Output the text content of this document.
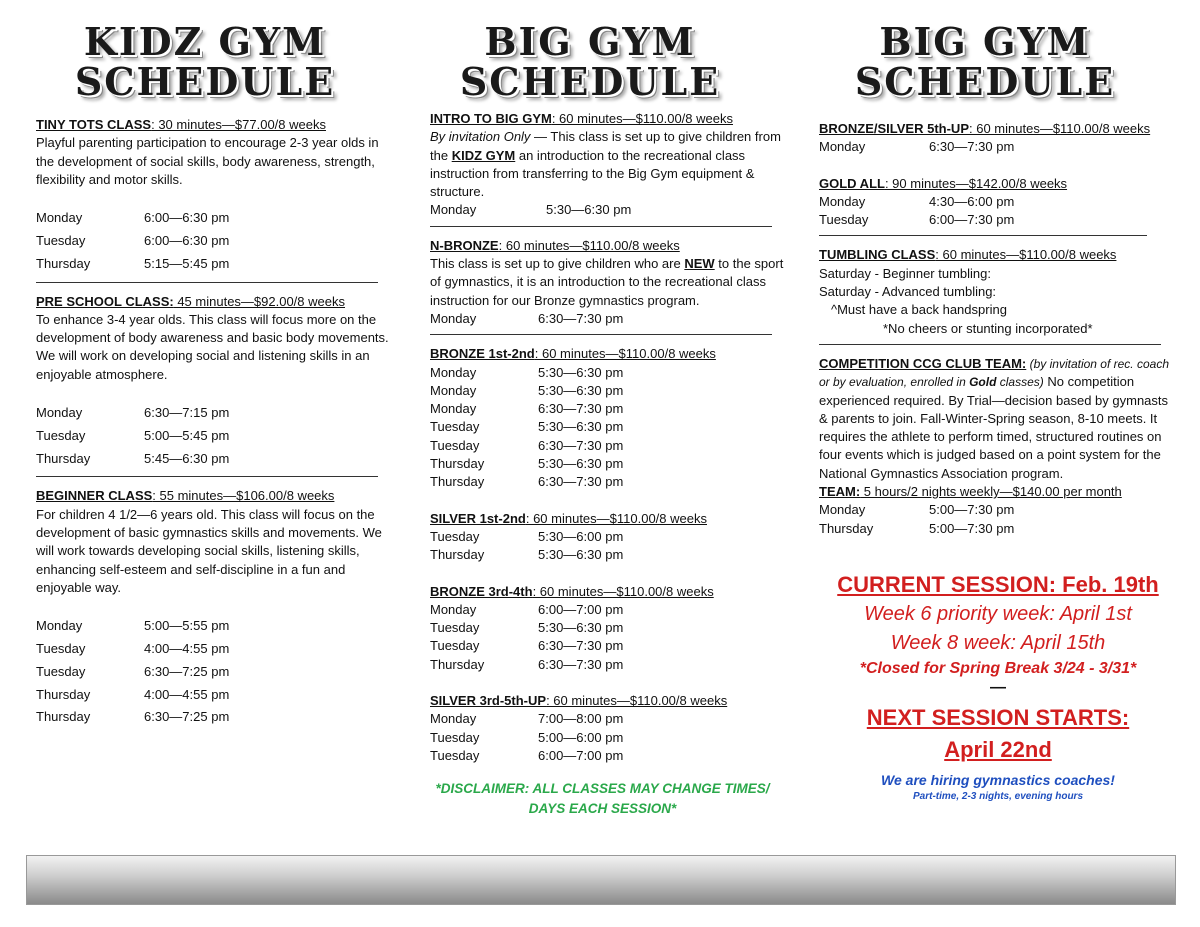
KIDZ GYM
SCHEDULE
BIG GYM
SCHEDULE
BIG GYM
SCHEDULE
TINY TOTS CLASS: 30 minutes—$77.00/8 weeks

Playful parenting participation to encourage 2-3 year olds in the development of social skills, body awareness, strength, flexibility and motor skills.

Monday	6:00—6:30 pm
Tuesday	6:00—6:30 pm
Thursday	5:15—5:45 pm
PRE SCHOOL CLASS: 45 minutes—$92.00/8 weeks

To enhance 3-4 year olds. This class will focus more on the development of body awareness and basic body movements. We will work on developing social and listening skills in an enjoyable atmosphere.

Monday	6:30—7:15 pm
Tuesday	5:00—5:45 pm
Thursday	5:45—6:30 pm
BEGINNER CLASS: 55 minutes—$106.00/8 weeks

For children 4 1/2—6 years old. This class will focus on the development of basic gymnastics skills and movements. We will work towards developing social skills, listening skills, enhancing self-esteem and self-discipline in a fun and enjoyable way.

Monday	5:00—5:55 pm
Tuesday	4:00—4:55 pm
Tuesday	6:30—7:25 pm
Thursday	4:00—4:55 pm
Thursday	6:30—7:25 pm
INTRO TO BIG GYM: 60 minutes—$110.00/8 weeks

By invitation Only — This class is set up to give children from the KIDZ GYM an introduction to the recreational class instruction from transferring to the Big Gym equipment & structure.

Monday	5:30—6:30 pm
N-BRONZE: 60 minutes—$110.00/8 weeks

This class is set up to give children who are NEW to the sport of gymnastics, it is an introduction to the recreational class instruction for our Bronze gymnastics program.

Monday	6:30—7:30 pm
BRONZE 1st-2nd: 60 minutes—$110.00/8 weeks
Monday	5:30—6:30 pm
Monday	5:30—6:30 pm
Monday	6:30—7:30 pm
Tuesday	5:30—6:30 pm
Tuesday	6:30—7:30 pm
Thursday	5:30—6:30 pm
Thursday	6:30—7:30 pm
SILVER 1st-2nd: 60 minutes—$110.00/8 weeks
Tuesday	5:30—6:00 pm
Thursday	5:30—6:30 pm
BRONZE 3rd-4th: 60 minutes—$110.00/8 weeks
Monday	6:00—7:00 pm
Tuesday	5:30—6:30 pm
Tuesday	6:30—7:30 pm
Thursday	6:30—7:30 pm
SILVER 3rd-5th-UP: 60 minutes—$110.00/8 weeks
Monday	7:00—8:00 pm
Tuesday	5:00—6:00 pm
Tuesday	6:00—7:00 pm
*DISCLAIMER: ALL CLASSES MAY CHANGE TIMES/ DAYS EACH SESSION*
BRONZE/SILVER 5th-UP: 60 minutes—$110.00/8 weeks
Monday	6:30—7:30 pm
GOLD ALL: 90 minutes—$142.00/8 weeks
Monday	4:30—6:00 pm
Tuesday	6:00—7:30 pm
TUMBLING CLASS: 60 minutes—$110.00/8 weeks
Saturday - Beginner tumbling:
Saturday - Advanced tumbling:
^Must have a back handspring
*No cheers or stunting incorporated*

COMPETITION CCG CLUB TEAM: (by invitation of rec. coach or by evaluation, enrolled in Gold classes) No competition experienced required. By Trial—decision based by gymnasts & parents to join. Fall-Winter-Spring season, 8-10 meets. It requires the athlete to perform timed, structured routines on four events which is judged based on a point system for the National Gymnastics Association program.

TEAM: 5 hours/2 nights weekly—$140.00 per month
Monday	5:00—7:30 pm
Thursday	5:00—7:30 pm
CURRENT SESSION: Feb. 19th
Week 6 priority week: April 1st
Week 8 week: April 15th
*Closed for Spring Break 3/24 - 3/31*
—
NEXT SESSION STARTS:
April 22nd
We are hiring gymnastics coaches!
Part-time, 2-3 nights, evening hours
